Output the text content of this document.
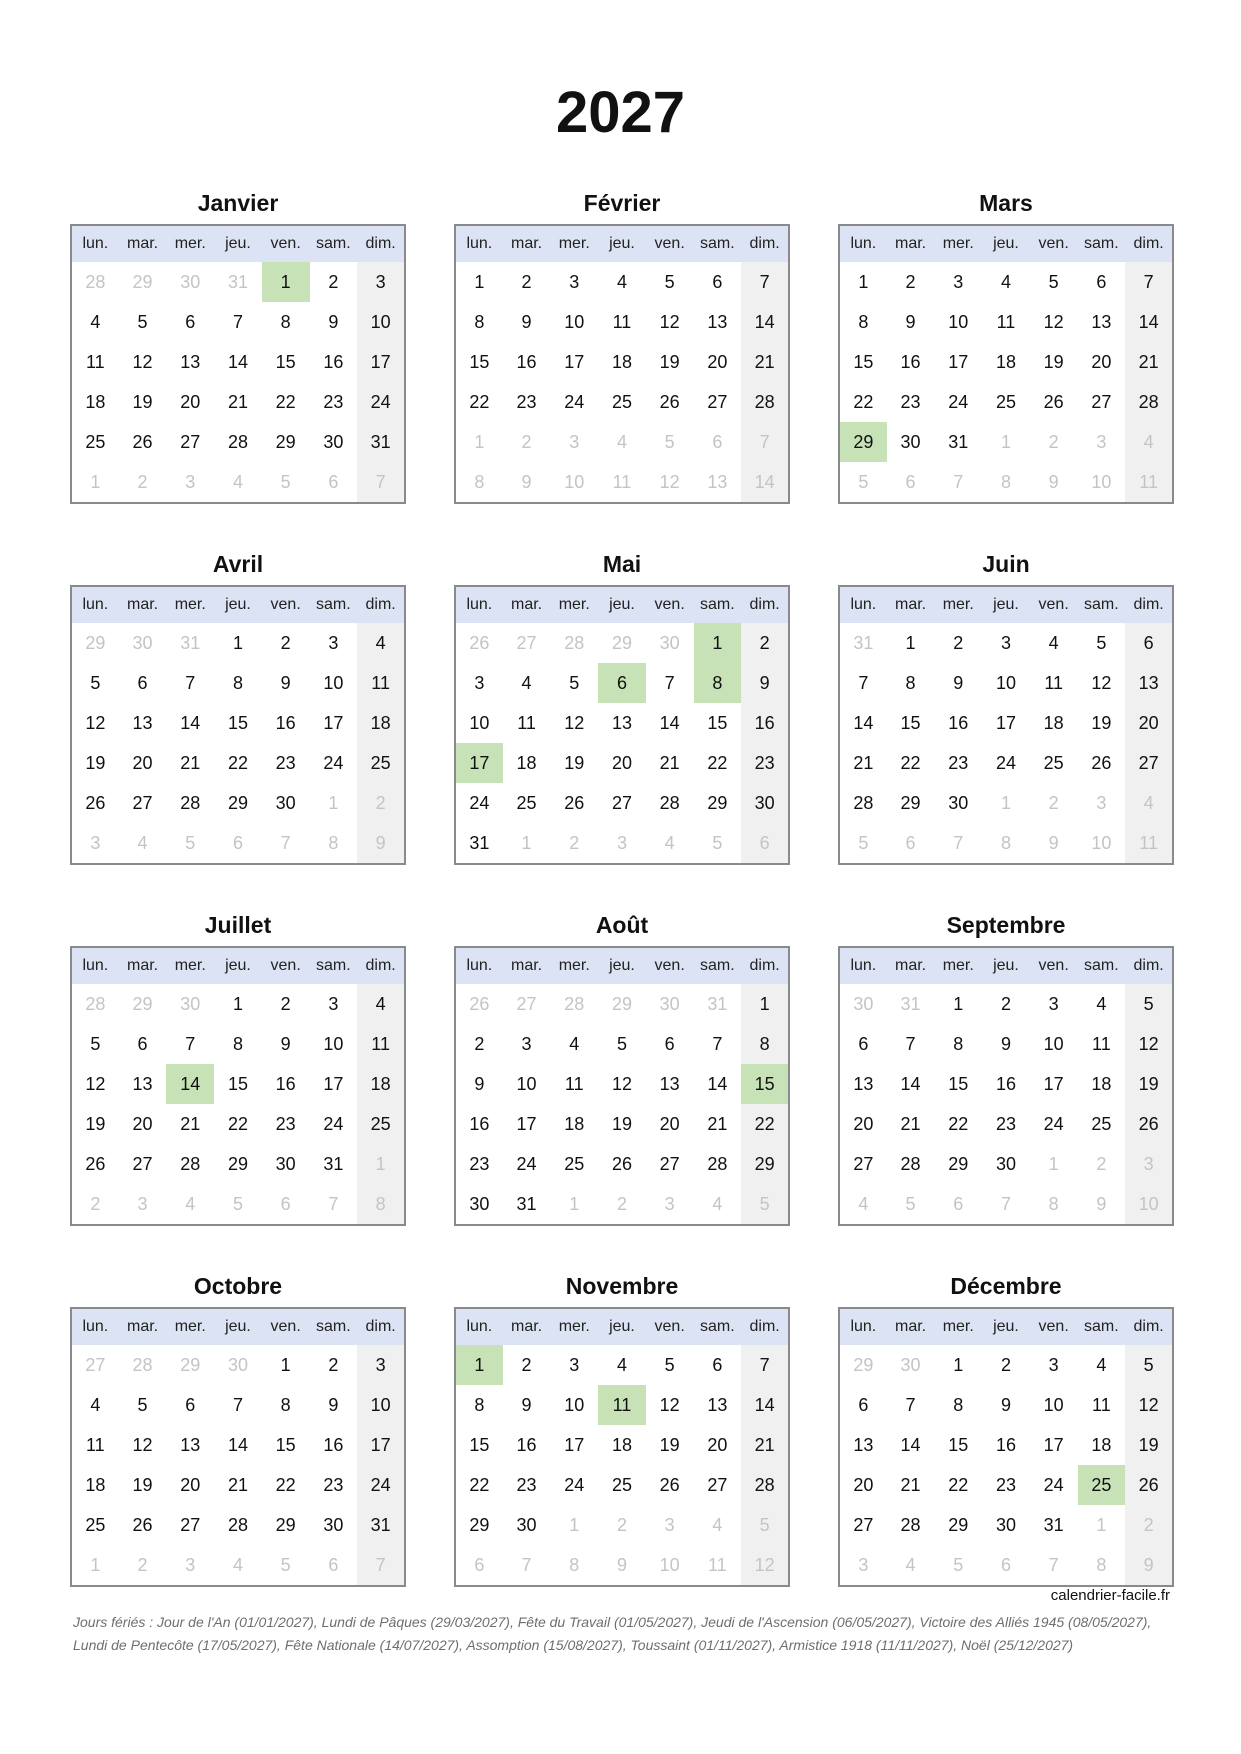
2027
Janvier
lun.	mar.	mer.	jeu.	ven.	sam.	dim.
28	29	30	31	1	2	3
4	5	6	7	8	9	10
11	12	13	14	15	16	17
18	19	20	21	22	23	24
25	26	27	28	29	30	31
1	2	3	4	5	6	7
Février
lun.	mar.	mer.	jeu.	ven.	sam.	dim.
1	2	3	4	5	6	7
8	9	10	11	12	13	14
15	16	17	18	19	20	21
22	23	24	25	26	27	28
1	2	3	4	5	6	7
8	9	10	11	12	13	14
Mars
lun.	mar.	mer.	jeu.	ven.	sam.	dim.
1	2	3	4	5	6	7
8	9	10	11	12	13	14
15	16	17	18	19	20	21
22	23	24	25	26	27	28
29	30	31	1	2	3	4
5	6	7	8	9	10	11
Avril
lun.	mar.	mer.	jeu.	ven.	sam.	dim.
29	30	31	1	2	3	4
5	6	7	8	9	10	11
12	13	14	15	16	17	18
19	20	21	22	23	24	25
26	27	28	29	30	1	2
3	4	5	6	7	8	9
Mai
lun.	mar.	mer.	jeu.	ven.	sam.	dim.
26	27	28	29	30	1	2
3	4	5	6	7	8	9
10	11	12	13	14	15	16
17	18	19	20	21	22	23
24	25	26	27	28	29	30
31	1	2	3	4	5	6
Juin
lun.	mar.	mer.	jeu.	ven.	sam.	dim.
31	1	2	3	4	5	6
7	8	9	10	11	12	13
14	15	16	17	18	19	20
21	22	23	24	25	26	27
28	29	30	1	2	3	4
5	6	7	8	9	10	11
Juillet
lun.	mar.	mer.	jeu.	ven.	sam.	dim.
28	29	30	1	2	3	4
5	6	7	8	9	10	11
12	13	14	15	16	17	18
19	20	21	22	23	24	25
26	27	28	29	30	31	1
2	3	4	5	6	7	8
Août
lun.	mar.	mer.	jeu.	ven.	sam.	dim.
26	27	28	29	30	31	1
2	3	4	5	6	7	8
9	10	11	12	13	14	15
16	17	18	19	20	21	22
23	24	25	26	27	28	29
30	31	1	2	3	4	5
Septembre
lun.	mar.	mer.	jeu.	ven.	sam.	dim.
30	31	1	2	3	4	5
6	7	8	9	10	11	12
13	14	15	16	17	18	19
20	21	22	23	24	25	26
27	28	29	30	1	2	3
4	5	6	7	8	9	10
Octobre
lun.	mar.	mer.	jeu.	ven.	sam.	dim.
27	28	29	30	1	2	3
4	5	6	7	8	9	10
11	12	13	14	15	16	17
18	19	20	21	22	23	24
25	26	27	28	29	30	31
1	2	3	4	5	6	7
Novembre
lun.	mar.	mer.	jeu.	ven.	sam.	dim.
1	2	3	4	5	6	7
8	9	10	11	12	13	14
15	16	17	18	19	20	21
22	23	24	25	26	27	28
29	30	1	2	3	4	5
6	7	8	9	10	11	12
Décembre
lun.	mar.	mer.	jeu.	ven.	sam.	dim.
29	30	1	2	3	4	5
6	7	8	9	10	11	12
13	14	15	16	17	18	19
20	21	22	23	24	25	26
27	28	29	30	31	1	2
3	4	5	6	7	8	9
calendrier-facile.fr
Jours fériés : Jour de l'An (01/01/2027), Lundi de Pâques (29/03/2027), Fête du Travail (01/05/2027), Jeudi de l'Ascension (06/05/2027), Victoire des Alliés 1945 (08/05/2027), Lundi de Pentecôte (17/05/2027), Fête Nationale (14/07/2027), Assomption (15/08/2027), Toussaint (01/11/2027), Armistice 1918 (11/11/2027), Noël (25/12/2027)
